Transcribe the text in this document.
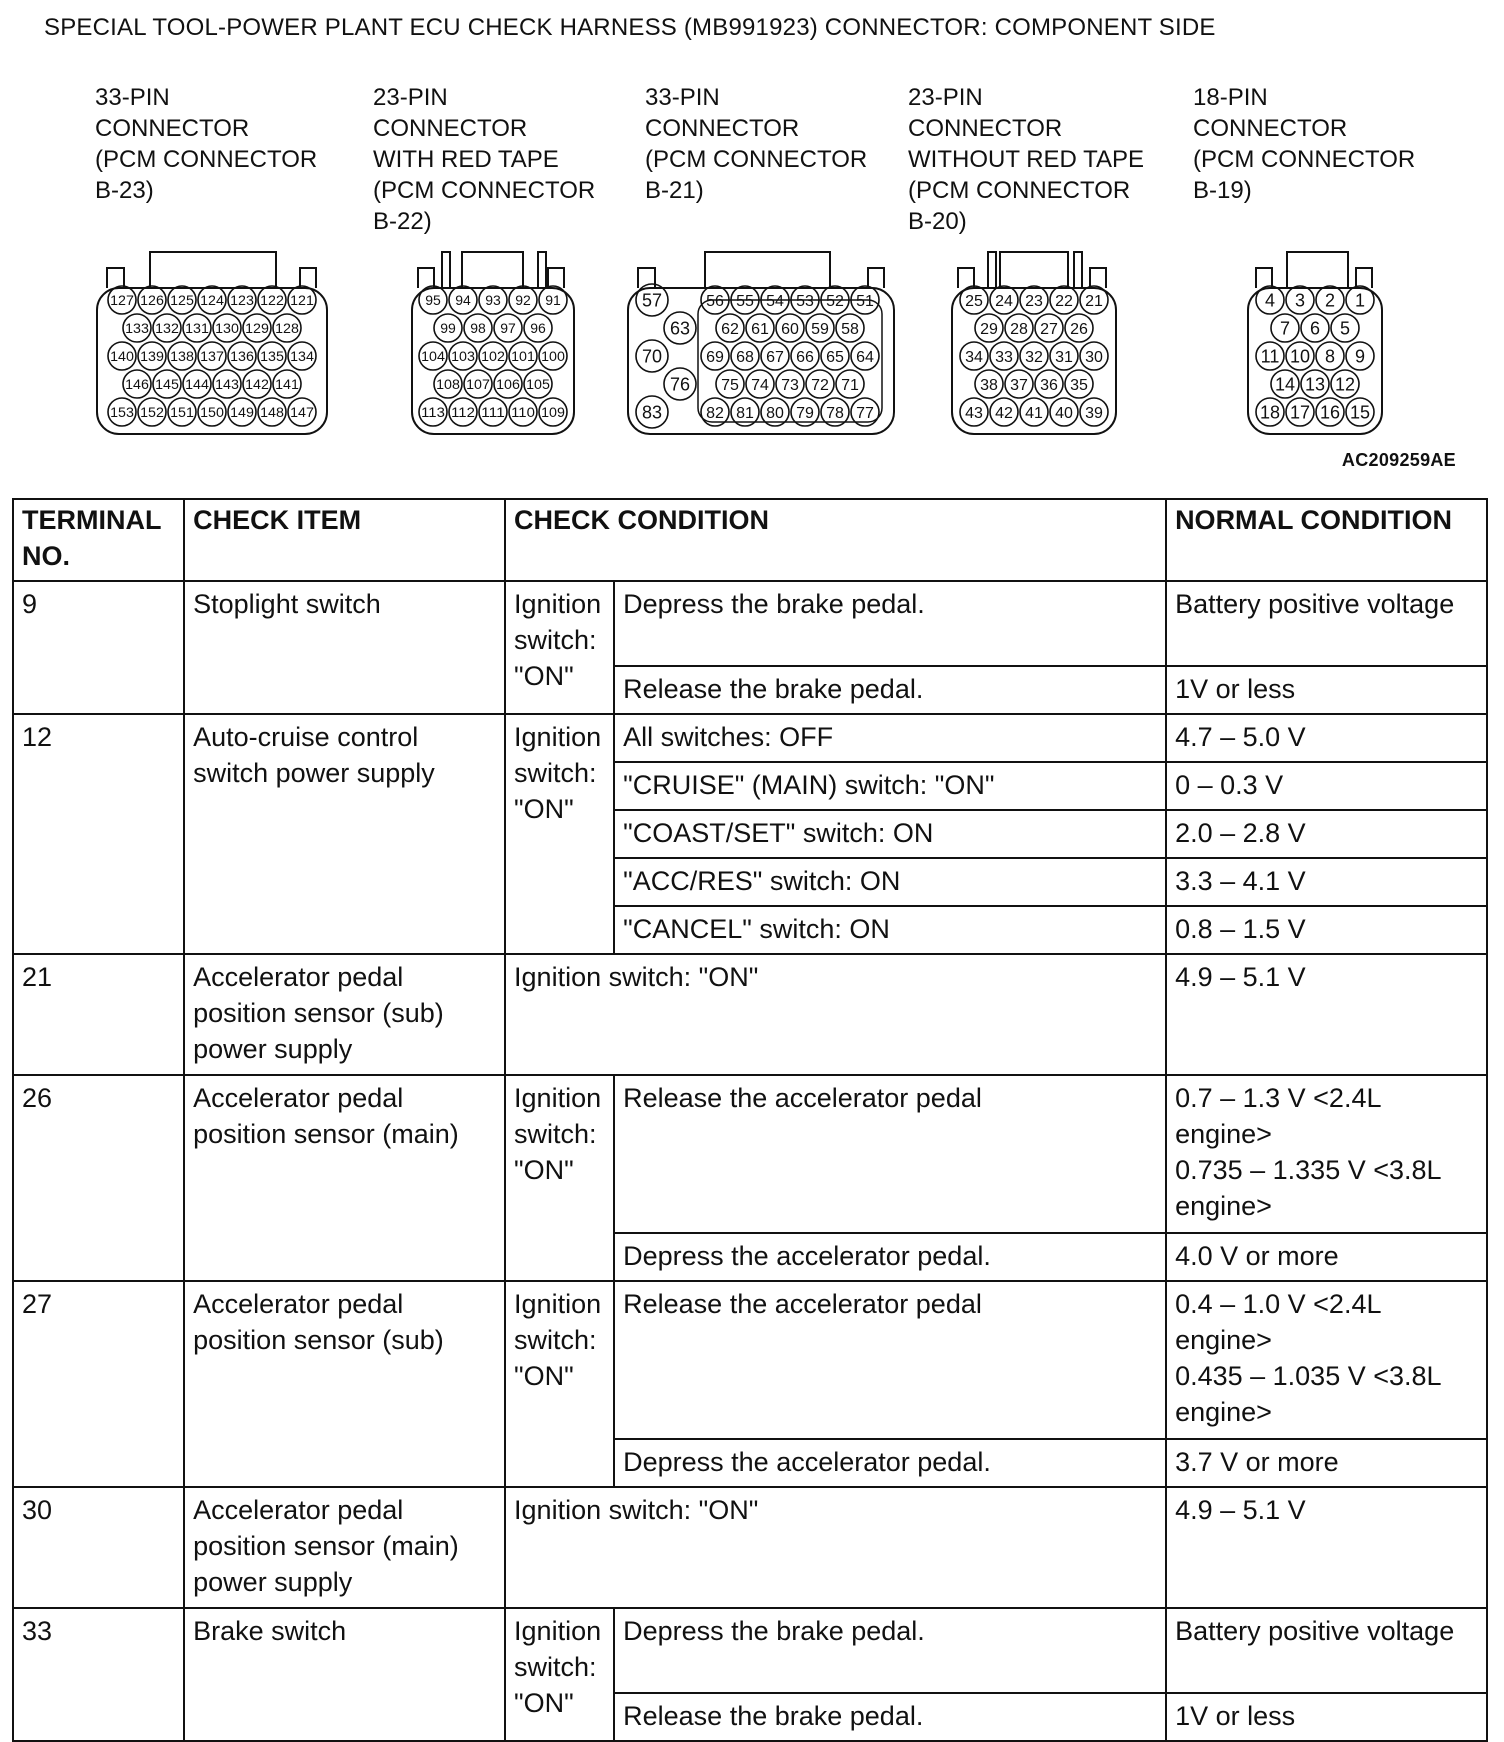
SPECIAL TOOL-POWER PLANT ECU CHECK HARNESS (MB991923) CONNECTOR: COMPONENT SIDE
33-PIN
CONNECTOR
(PCM CONNECTOR
B-23)
23-PIN
CONNECTOR
WITH RED TAPE
(PCM CONNECTOR
B-22)
33-PIN
CONNECTOR
(PCM CONNECTOR
B-21)
23-PIN
CONNECTOR
WITHOUT RED TAPE
(PCM CONNECTOR
B-20)
18-PIN
CONNECTOR
(PCM CONNECTOR
B-19)
127 126 125 124 123 122 121
133 132 131 130 129 128
140 139 138 137 136 135 134
146 145 144 143 142 141
153 152 151 150 149 148 147
95 94 93 92 91
99 98 97 96
104 103 102 101 100
108 107 106 105
113 112 111 110 109
57
63
70
76
83
56 55 54 53 52 51
62 61 60 59 58
69 68 67 66 65 64
75 74 73 72 71
82 81 80 79 78 77
25 24 23 22 21
29 28 27 26
34 33 32 31 30
38 37 36 35
43 42 41 40 39
4 3 2 1
7 6 5
11 10 8 9
14 13 12
18 17 16 15
AC209259AE
TERMINAL NO.	CHECK ITEM	CHECK CONDITION		NORMAL CONDITION
9	Stoplight switch	Ignition switch: "ON"	Depress the brake pedal.	Battery positive voltage
			Release the brake pedal.	1V or less
12	Auto-cruise control switch power supply	Ignition switch: "ON"	All switches: OFF	4.7 – 5.0 V
			"CRUISE" (MAIN) switch: "ON"	0 – 0.3 V
			"COAST/SET" switch: ON	2.0 – 2.8 V
			"ACC/RES" switch: ON	3.3 – 4.1 V
			"CANCEL" switch: ON	0.8 – 1.5 V
21	Accelerator pedal position sensor (sub) power supply	Ignition switch: "ON"		4.9 – 5.1 V
26	Accelerator pedal position sensor (main)	Ignition switch: "ON"	Release the accelerator pedal	0.7 – 1.3 V <2.4L engine>
0.735 – 1.335 V <3.8L engine>

			Depress the accelerator pedal.	4.0 V or more
27	Accelerator pedal position sensor (sub)	Ignition switch: "ON"	Release the accelerator pedal	0.4 – 1.0 V <2.4L engine>
0.435 – 1.035 V <3.8L engine>

			Depress the accelerator pedal.	3.7 V or more
30	Accelerator pedal position sensor (main) power supply	Ignition switch: "ON"		4.9 – 5.1 V
33	Brake switch	Ignition switch: "ON"	Depress the brake pedal.	Battery positive voltage
			Release the brake pedal.	1V or less
